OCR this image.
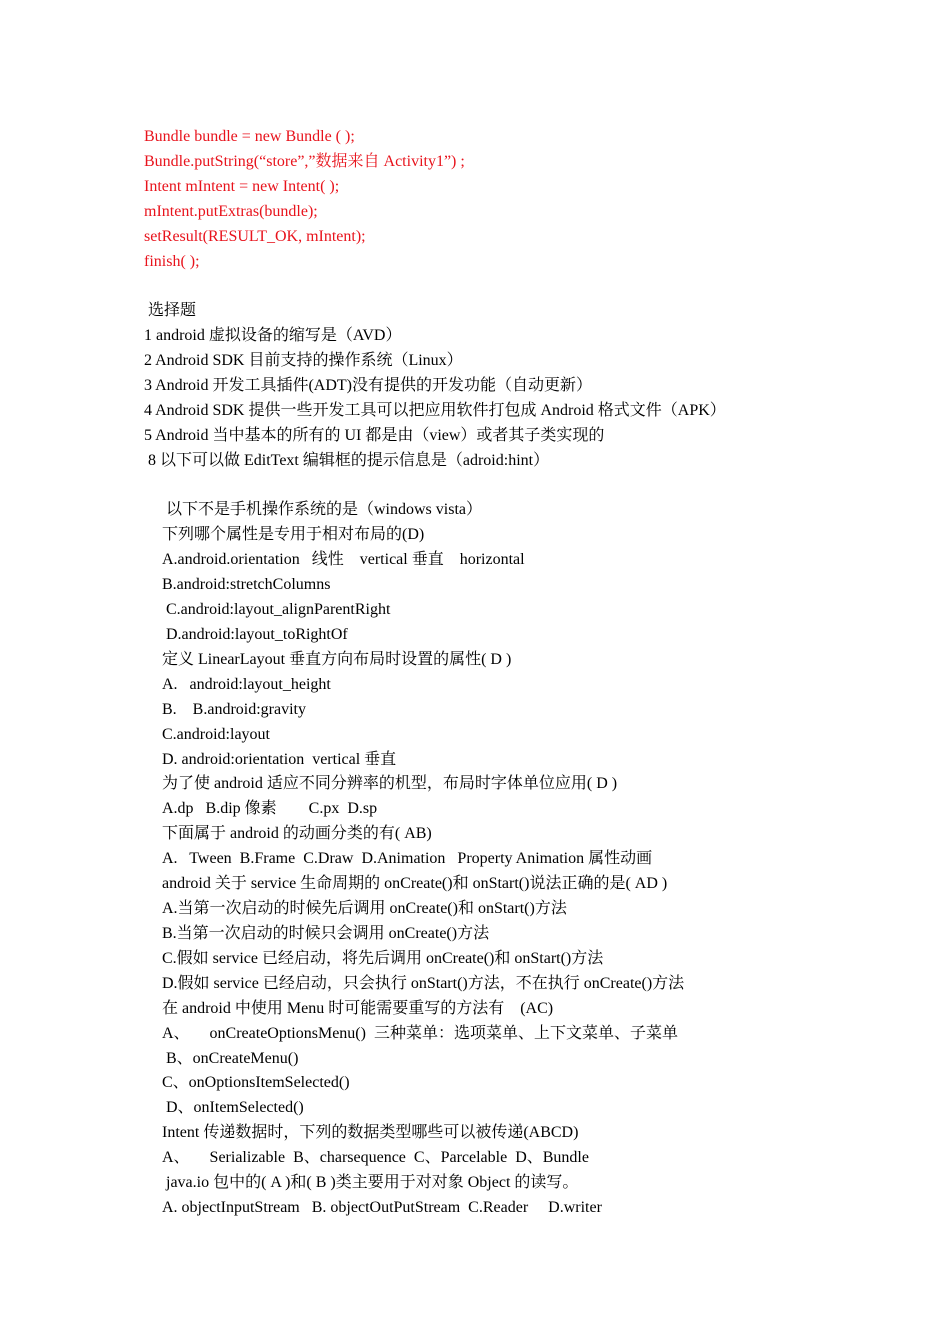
Bundle bundle = new Bundle ( );
Bundle.putString(“store”,”数据来自 Activity1”) ;
Intent mIntent = new Intent( );
mIntent.putExtras(bundle);
setResult(RESULT_OK, mIntent);
finish( );
选择题
1 android 虚拟设备的缩写是（AVD）
2 Android SDK 目前支持的操作系统（Linux）
3 Android 开发工具插件(ADT)没有提供的开发功能（自动更新）
4 Android SDK 提供一些开发工具可以把应用软件打包成 Android 格式文件（APK）
5 Android 当中基本的所有的 UI 都是由（view）或者其子类实现的
8 以下可以做 EditText 编辑框的提示信息是（adroid:hint）
以下不是手机操作系统的是（windows vista）
下列哪个属性是专用于相对布局的(D)
A.android.orientation   线性    vertical 垂直    horizontal
B.android:stretchColumns
C.android:layout_alignParentRight
D.android:layout_toRightOf
定义 LinearLayout 垂直方向布局时设置的属性( D )
A.   android:layout_height
B.    B.android:gravity
C.android:layout
D. android:orientation  vertical 垂直
为了使 android 适应不同分辨率的机型，布局时字体单位应用( D )
A.dp   B.dip 像素        C.px  D.sp
下面属于 android 的动画分类的有( AB)
A.   Tween  B.Frame  C.Draw  D.Animation   Property Animation 属性动画
android 关于 service 生命周期的 onCreate()和 onStart()说法正确的是( AD )
A.当第一次启动的时候先后调用 onCreate()和 onStart()方法
B.当第一次启动的时候只会调用 onCreate()方法
C.假如 service 已经启动，将先后调用 onCreate()和 onStart()方法
D.假如 service 已经启动，只会执行 onStart()方法，不在执行 onCreate()方法
在 android 中使用 Menu 时可能需要重写的方法有    (AC)
A、     onCreateOptionsMenu()  三种菜单：选项菜单、上下文菜单、子菜单
B、onCreateMenu()
C、onOptionsItemSelected()
D、onItemSelected()
Intent 传递数据时，下列的数据类型哪些可以被传递(ABCD)
A、     Serializable  B、charsequence  C、Parcelable  D、Bundle
java.io 包中的( A )和( B )类主要用于对对象 Object 的读写。
A. objectInputStream   B. objectOutPutStream  C.Reader     D.writer
